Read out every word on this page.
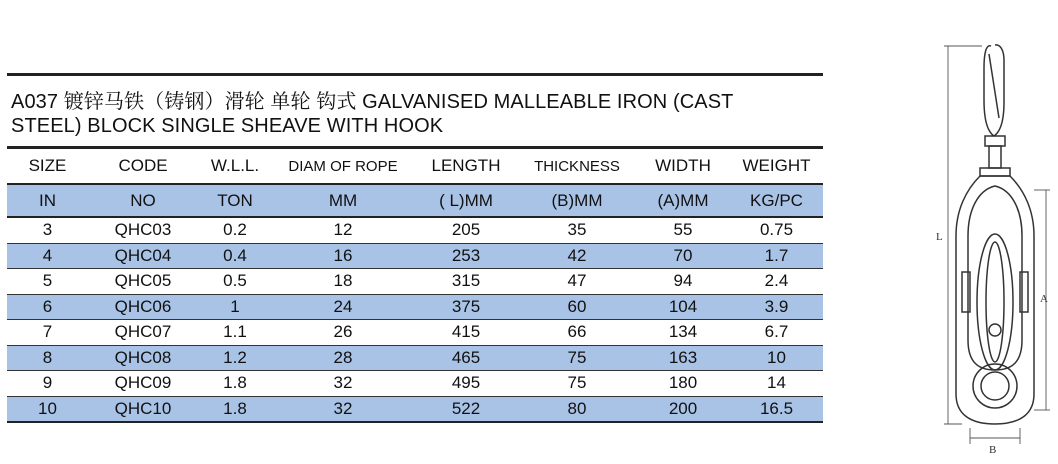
A037 镀锌马铁（铸钢）滑轮 单轮 钩式 GALVANISED MALLEABLE IRON (CAST
STEEL) BLOCK SINGLE SHEAVE WITH HOOK
SIZE	CODE	W.L.L.	DIAM OF ROPE	LENGTH	THICKNESS	WIDTH	WEIGHT
IN	NO	TON	MM	( L)MM	(B)MM	(A)MM	KG/PC
3	QHC03	0.2	12	205	35	55	0.75
4	QHC04	0.4	16	253	42	70	1.7
5	QHC05	0.5	18	315	47	94	2.4
6	QHC06	1	24	375	60	104	3.9
7	QHC07	1.1	26	415	66	134	6.7
8	QHC08	1.2	28	465	75	163	10
9	QHC09	1.8	32	495	75	180	14
10	QHC10	1.8	32	522	80	200	16.5
L
A
B
